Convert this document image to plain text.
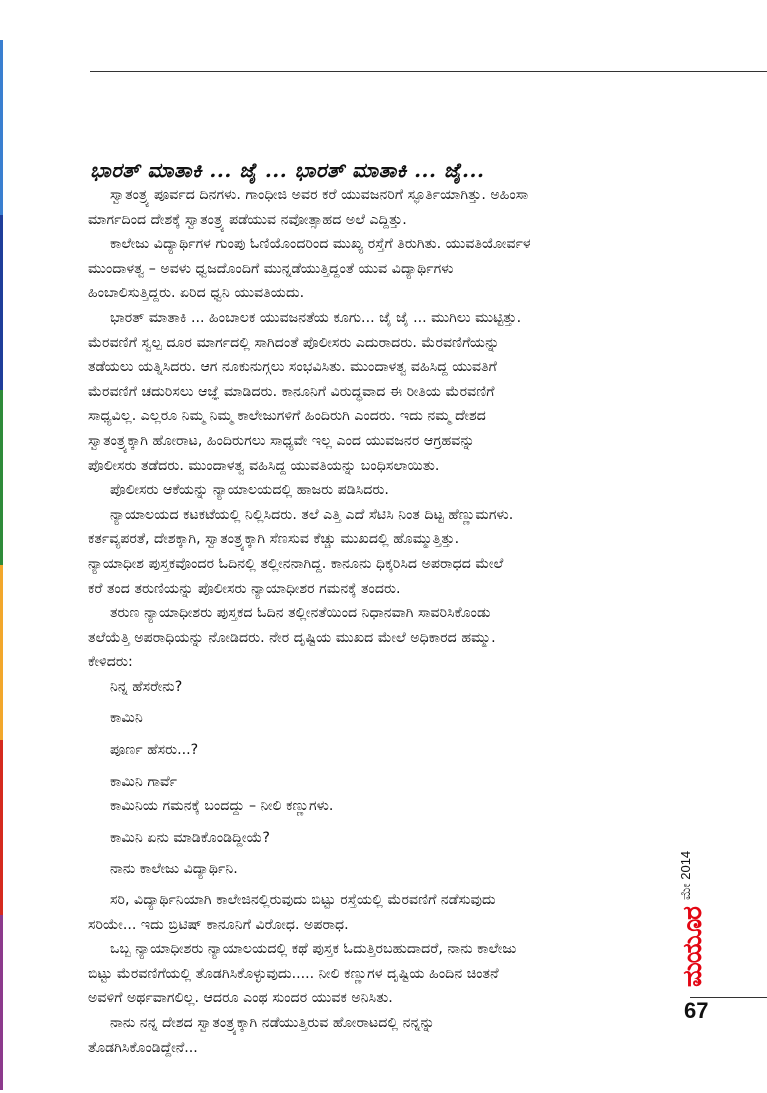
ಭಾರತ್ ಮಾತಾಕಿ ... ಜೈ ... ಭಾರತ್ ಮಾತಾಕಿ ... ಜೈ...

ಸ್ವಾತಂತ್ರ್ಯ ಪೂರ್ವದ ದಿನಗಳು. ಗಾಂಧೀಜಿ ಅವರ ಕರೆ ಯುವಜನರಿಗೆ ಸ್ಫೂರ್ತಿಯಾಗಿತ್ತು. ಅಹಿಂಸಾ
ಮಾರ್ಗದಿಂದ ದೇಶಕ್ಕೆ ಸ್ವಾತಂತ್ರ್ಯ ಪಡೆಯುವ ನವೋತ್ಸಾಹದ ಅಲೆ ಎದ್ದಿತ್ತು.

ಕಾಲೇಜು ವಿದ್ಯಾರ್ಥಿಗಳ ಗುಂಪು ಓಣಿಯೊಂದರಿಂದ ಮುಖ್ಯ ರಸ್ತೆಗೆ ತಿರುಗಿತು. ಯುವತಿಯೋರ್ವಳ
ಮುಂದಾಳತ್ವ – ಅವಳು ಧ್ವಜದೊಂದಿಗೆ ಮುನ್ನಡೆಯುತ್ತಿದ್ದಂತೆ ಯುವ ವಿದ್ಯಾರ್ಥಿಗಳು
ಹಿಂಬಾಲಿಸುತ್ತಿದ್ದರು. ಏರಿದ ಧ್ವನಿ ಯುವತಿಯದು.

ಭಾರತ್ ಮಾತಾಕಿ ... ಹಿಂಬಾಲಕ ಯುವಜನತೆಯ ಕೂಗು... ಜೈ ಜೈ ... ಮುಗಿಲು ಮುಟ್ಟಿತ್ತು.
ಮೆರವಣಿಗೆ ಸ್ವಲ್ಪ ದೂರ ಮಾರ್ಗದಲ್ಲಿ ಸಾಗಿದಂತೆ ಪೊಲೀಸರು ಎದುರಾದರು. ಮೆರವಣಿಗೆಯನ್ನು
ತಡೆಯಲು ಯತ್ನಿಸಿದರು. ಆಗ ನೂಕುನುಗ್ಗಲು ಸಂಭವಿಸಿತು. ಮುಂದಾಳತ್ವ ವಹಿಸಿದ್ದ ಯುವತಿಗೆ
ಮೆರವಣಿಗೆ ಚದುರಿಸಲು ಆಜ್ಞೆ ಮಾಡಿದರು. ಕಾನೂನಿಗೆ ವಿರುದ್ಧವಾದ ಈ ರೀತಿಯ ಮೆರವಣಿಗೆ
ಸಾಧ್ಯವಿಲ್ಲ. ಎಲ್ಲರೂ ನಿಮ್ಮ ನಿಮ್ಮ ಕಾಲೇಜುಗಳಿಗೆ ಹಿಂದಿರುಗಿ ಎಂದರು. ಇದು ನಮ್ಮ ದೇಶದ
ಸ್ವಾತಂತ್ರ್ಯಕ್ಕಾಗಿ ಹೋರಾಟ, ಹಿಂದಿರುಗಲು ಸಾಧ್ಯವೇ ಇಲ್ಲ ಎಂದ ಯುವಜನರ ಆಗ್ರಹವನ್ನು
ಪೊಲೀಸರು ತಡೆದರು. ಮುಂದಾಳತ್ವ ವಹಿಸಿದ್ದ ಯುವತಿಯನ್ನು ಬಂಧಿಸಲಾಯಿತು.

ಪೊಲೀಸರು ಆಕೆಯನ್ನು ನ್ಯಾಯಾಲಯದಲ್ಲಿ ಹಾಜರು ಪಡಿಸಿದರು.

ನ್ಯಾಯಾಲಯದ ಕಟಕಟೆಯಲ್ಲಿ ನಿಲ್ಲಿಸಿದರು. ತಲೆ ಎತ್ತಿ ಎದೆ ಸೆಟಿಸಿ ನಿಂತ ದಿಟ್ಟ ಹೆಣ್ಣುಮಗಳು.
ಕರ್ತವ್ಯಪರತೆ, ದೇಶಕ್ಕಾಗಿ, ಸ್ವಾತಂತ್ರ್ಯಕ್ಕಾಗಿ ಸೆಣಸುವ ಕೆಚ್ಚು ಮುಖದಲ್ಲಿ ಹೊಮ್ಮುತ್ತಿತ್ತು.
ನ್ಯಾಯಾಧೀಶ ಪುಸ್ತಕವೊಂದರ ಓದಿನಲ್ಲಿ ತಲ್ಲೀನನಾಗಿದ್ದ. ಕಾನೂನು ಧಿಕ್ಕರಿಸಿದ ಅಪರಾಧದ ಮೇಲೆ
ಕರೆ ತಂದ ತರುಣಿಯನ್ನು ಪೊಲೀಸರು ನ್ಯಾಯಾಧೀಶರ ಗಮನಕ್ಕೆ ತಂದರು.

ತರುಣ ನ್ಯಾಯಾಧೀಶರು ಪುಸ್ತಕದ ಓದಿನ ತಲ್ಲೀನತೆಯಿಂದ ನಿಧಾನವಾಗಿ ಸಾವರಿಸಿಕೊಂಡು
ತಲೆಯೆತ್ತಿ ಅಪರಾಧಿಯನ್ನು ನೋಡಿದರು. ನೇರ ದೃಷ್ಟಿಯ ಮುಖದ ಮೇಲೆ ಅಧಿಕಾರದ ಹಮ್ಮು.
ಕೇಳಿದರು:

ನಿನ್ನ ಹೆಸರೇನು?

ಕಾಮಿನಿ

ಪೂರ್ಣ ಹೆಸರು...?

ಕಾಮಿನಿ ಗಾರ್ವೆ
ಕಾಮಿನಿಯ ಗಮನಕ್ಕೆ ಬಂದದ್ದು – ನೀಲಿ ಕಣ್ಣುಗಳು.

ಕಾಮಿನಿ ಏನು ಮಾಡಿಕೊಂಡಿದ್ದೀಯೆ?

ನಾನು ಕಾಲೇಜು ವಿದ್ಯಾರ್ಥಿನಿ.

ಸರಿ, ವಿದ್ಯಾರ್ಥಿನಿಯಾಗಿ ಕಾಲೇಜಿನಲ್ಲಿರುವುದು ಬಿಟ್ಟು ರಸ್ತೆಯಲ್ಲಿ ಮೆರವಣಿಗೆ ನಡೆಸುವುದು
ಸರಿಯೇ... ಇದು ಬ್ರಿಟಿಷ್ ಕಾನೂನಿಗೆ ವಿರೋಧ. ಅಪರಾಧ.

ಒಬ್ಬ ನ್ಯಾಯಾಧೀಶರು ನ್ಯಾಯಾಲಯದಲ್ಲಿ ಕಥೆ ಪುಸ್ತಕ ಓದುತ್ತಿರಬಹುದಾದರೆ, ನಾನು ಕಾಲೇಜು
ಬಿಟ್ಟು ಮೆರವಣಿಗೆಯಲ್ಲಿ ತೊಡಗಿಸಿಕೊಳ್ಳುವುದು..... ನೀಲಿ ಕಣ್ಣುಗಳ ದೃಷ್ಟಿಯ ಹಿಂದಿನ ಚಿಂತನೆ
ಅವಳಿಗೆ ಅರ್ಥವಾಗಲಿಲ್ಲ. ಆದರೂ ಎಂಥ ಸುಂದರ ಯುವಕ ಅನಿಸಿತು.

ನಾನು ನನ್ನ ದೇಶದ ಸ್ವಾತಂತ್ರ್ಯಕ್ಕಾಗಿ ನಡೆಯುತ್ತಿರುವ ಹೋರಾಟದಲ್ಲಿ ನನ್ನನ್ನು
ತೊಡಗಿಸಿಕೊಂಡಿದ್ದೇನೆ...

ಮೇ 2014
ಮಯೂರ
67
